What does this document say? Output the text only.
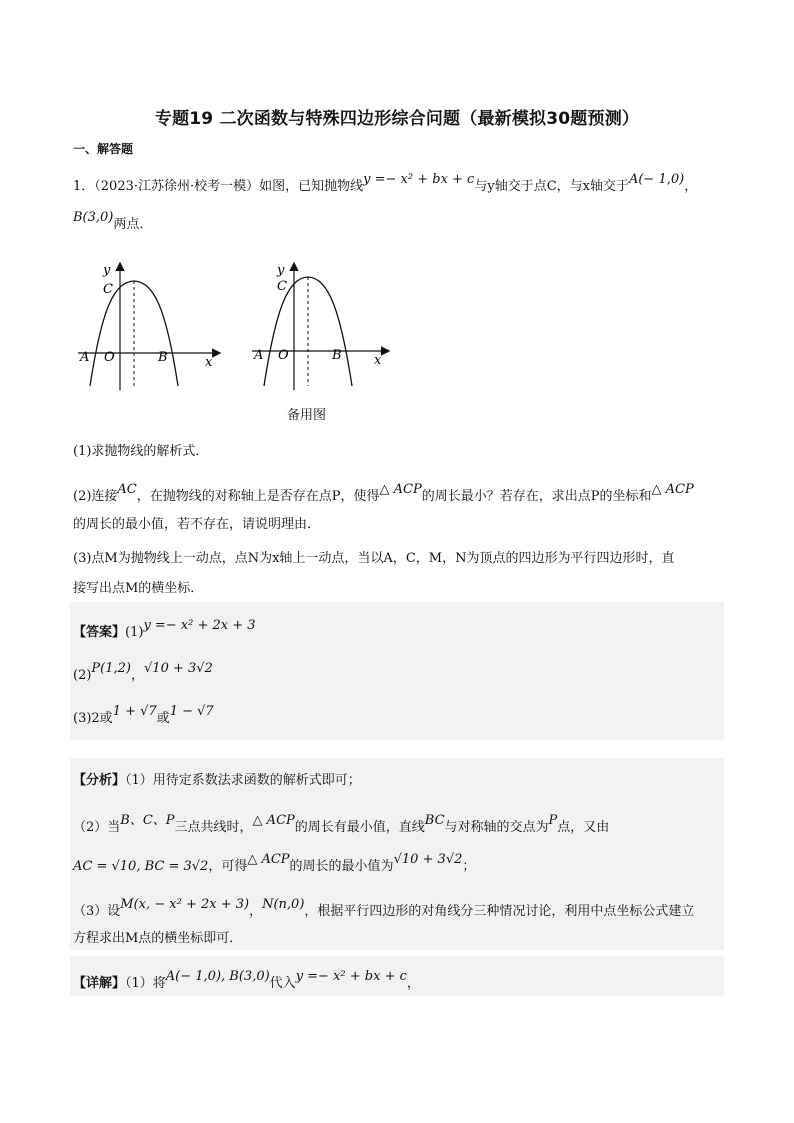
专题19 二次函数与特殊四边形综合问题（最新模拟30题预测）
一、解答题
1．（2023·江苏徐州·校考一模）如图，已知抛物线y =− x² + bx + c与y轴交于点C，与x轴交于A(− 1,0)，
B(3,0)两点．
y
C
A O	B	x
y
C
A O	B x
备用图
(1)求抛物线的解析式．
(2)连接AC，在抛物线的对称轴上是否存在点P，使得△ ACP的周长最小？若存在，求出点P的坐标和△ ACP
的周长的最小值，若不存在，请说明理由．
(3)点M为抛物线上一动点，点N为x轴上一动点，当以A，C，M，N为顶点的四边形为平行四边形时，直
接写出点M的横坐标．
【答案】(1)y =− x² + 2x + 3
(2)P(1,2)，√10 + 3√2
(3)2或1 + √7或1 − √7
【分析】（1）用待定系数法求函数的解析式即可；
（2）当B、C、P三点共线时，△ ACP的周长有最小值，直线BC与对称轴的交点为P点，又由
AC = √10, BC = 3√2，可得△ ACP的周长的最小值为√10 + 3√2；
（3）设M(x, − x² + 2x + 3)，N(n,0)，根据平行四边形的对角线分三种情况讨论，利用中点坐标公式建立
方程求出M点的横坐标即可．
【详解】（1）将A(− 1,0), B(3,0)代入y =− x² + bx + c，
